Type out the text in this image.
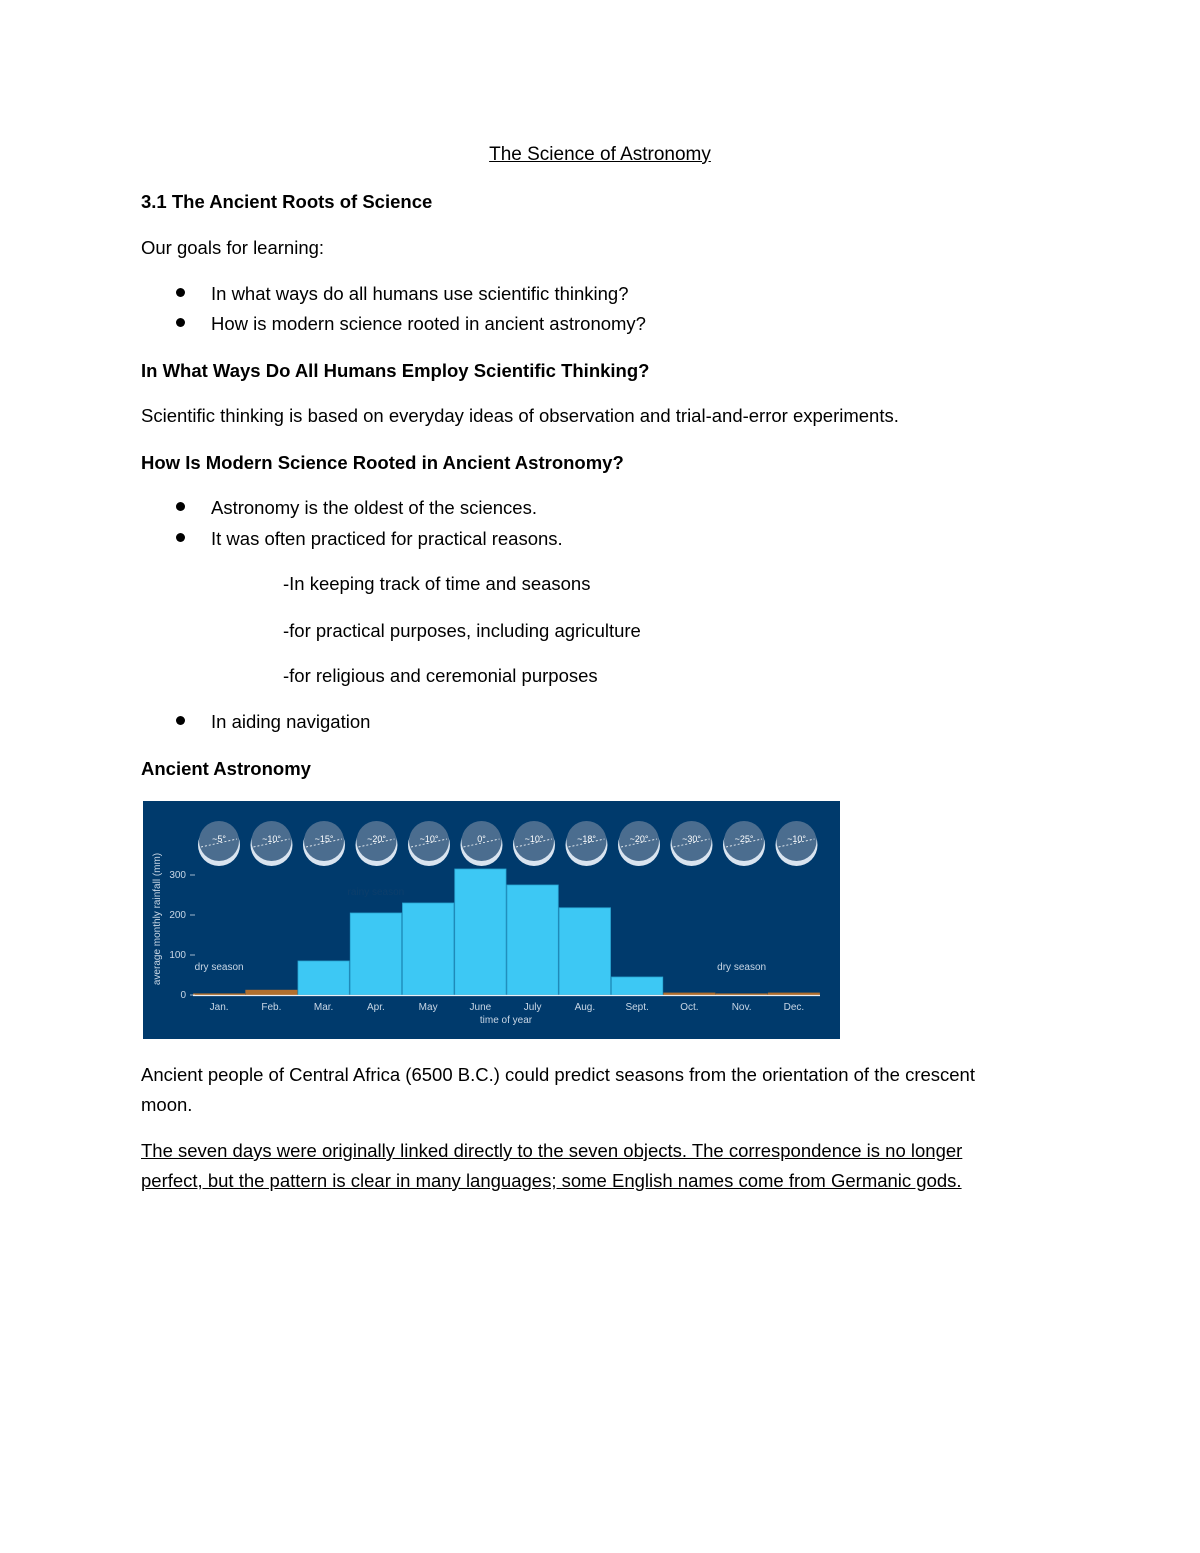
The Science of Astronomy
3.1 The Ancient Roots of Science
Our goals for learning:
In what ways do all humans use scientific thinking?
How is modern science rooted in ancient astronomy?
In What Ways Do All Humans Employ Scientific Thinking?
Scientific thinking is based on everyday ideas of observation and trial-and-error experiments.
How Is Modern Science Rooted in Ancient Astronomy?
Astronomy is the oldest of the sciences.
It was often practiced for practical reasons.
-In keeping track of time and seasons
-for practical purposes, including agriculture
-for religious and ceremonial purposes
In aiding navigation
Ancient Astronomy
~5°	~10°	~15°	~20°	~10°	0°	~10°	~18°	~20°	~30°	~25°	~10°
0
100
200
300
Jan.	Feb.	Mar.	Apr.	May	June	July	Aug.	Sept.	Oct.	Nov.	Dec.
dry season
rainy season
dry season
average monthly rainfall (mm)
time of year
Ancient people of Central Africa (6500 B.C.) could predict seasons from the orientation of the crescent
moon.
The seven days were originally linked directly to the seven objects. The correspondence is no longer
perfect, but the pattern is clear in many languages; some English names come from Germanic gods.
